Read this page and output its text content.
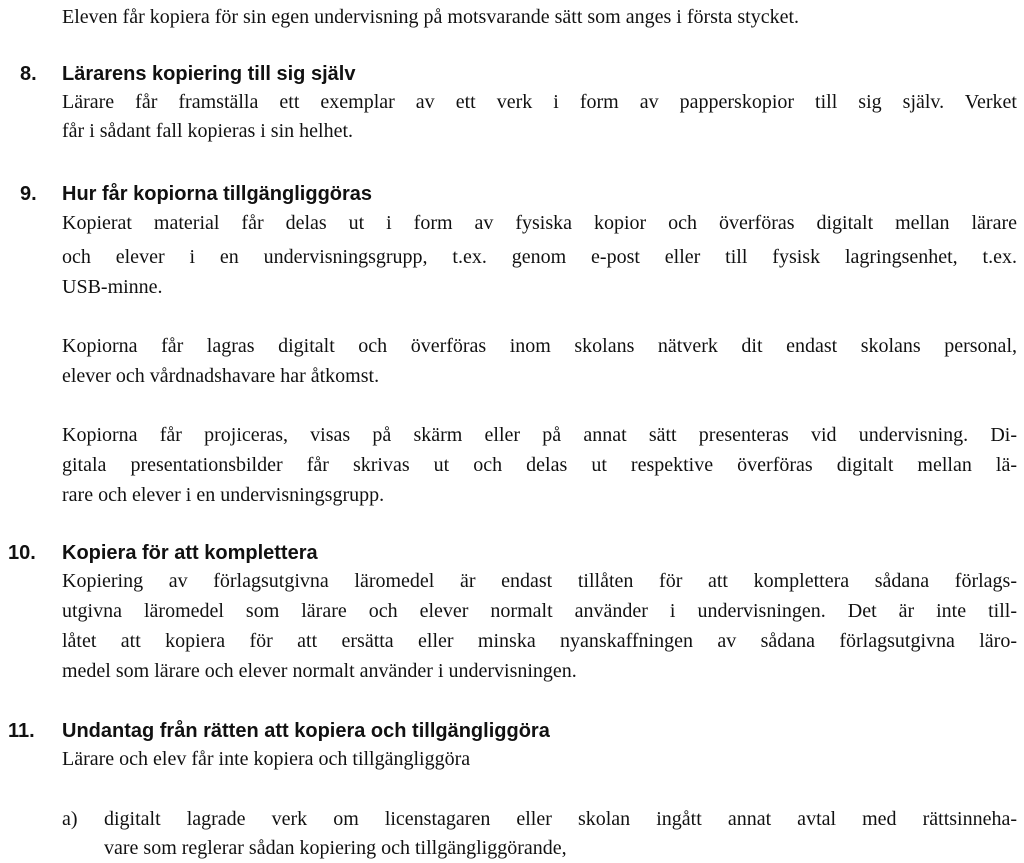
Eleven får kopiera för sin egen undervisning på motsvarande sätt som anges i första stycket.
8. Lärarens kopiering till sig själv
Lärare får framställa ett exemplar av ett verk i form av papperskopior till sig själv. Verket
får i sådant fall kopieras i sin helhet.
9. Hur får kopiorna tillgängliggöras
Kopierat material får delas ut i form av fysiska kopior och överföras digitalt mellan lärare
och elever i en undervisningsgrupp, t.ex. genom e-post eller till fysisk lagringsenhet, t.ex.
USB-minne.
Kopiorna får lagras digitalt och överföras inom skolans nätverk dit endast skolans personal,
elever och vårdnadshavare har åtkomst.
Kopiorna får projiceras, visas på skärm eller på annat sätt presenteras vid undervisning. Di-
gitala presentationsbilder får skrivas ut och delas ut respektive överföras digitalt mellan lä-
rare och elever i en undervisningsgrupp.
10. Kopiera för att komplettera
Kopiering av förlagsutgivna läromedel är endast tillåten för att komplettera sådana förlags-
utgivna läromedel som lärare och elever normalt använder i undervisningen. Det är inte till-
låtet att kopiera för att ersätta eller minska nyanskaffningen av sådana förlagsutgivna läro-
medel som lärare och elever normalt använder i undervisningen.
11. Undantag från rätten att kopiera och tillgängliggöra
Lärare och elev får inte kopiera och tillgängliggöra
a) digitalt lagrade verk om licenstagaren eller skolan ingått annat avtal med rättsinneha-
vare som reglerar sådan kopiering och tillgängliggörande,
